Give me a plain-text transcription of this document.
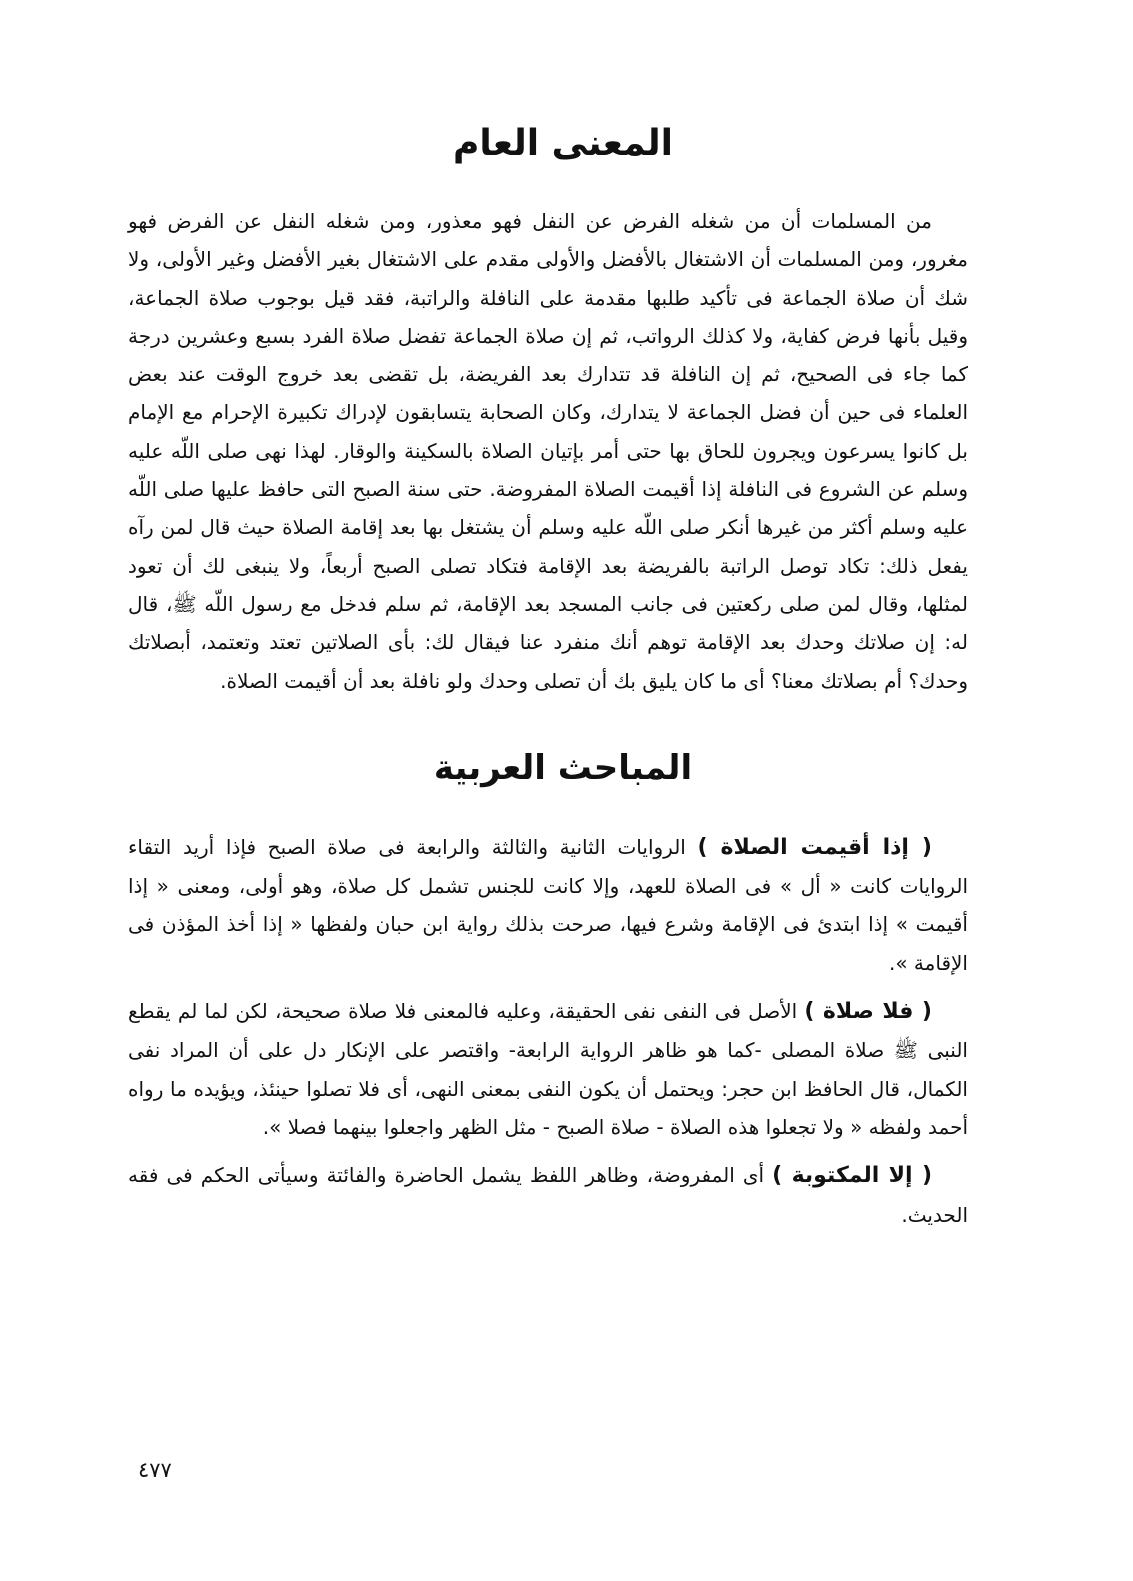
المعنى العام

من المسلمات أن من شغله الفرض عن النفل فهو معذور، ومن شغله النفل عن الفرض فهو مغرور، ومن المسلمات أن الاشتغال بالأفضل والأولى مقدم على الاشتغال بغير الأفضل وغير الأولى، ولا شك أن صلاة الجماعة فى تأكيد طلبها مقدمة على النافلة والراتبة، فقد قيل بوجوب صلاة الجماعة، وقيل بأنها فرض كفاية، ولا كذلك الرواتب، ثم إن صلاة الجماعة تفضل صلاة الفرد بسبع وعشرين درجة كما جاء فى الصحيح، ثم إن النافلة قد تتدارك بعد الفريضة، بل تقضى بعد خروج الوقت عند بعض العلماء فى حين أن فضل الجماعة لا يتدارك، وكان الصحابة يتسابقون لإدراك تكبيرة الإحرام مع الإمام بل كانوا يسرعون ويجرون للحاق بها حتى أمر بإتيان الصلاة بالسكينة والوقار. لهذا نهى صلى اللّه عليه وسلم عن الشروع فى النافلة إذا أقيمت الصلاة المفروضة. حتى سنة الصبح التى حافظ عليها صلى اللّه عليه وسلم أكثر من غيرها أنكر صلى اللّه عليه وسلم أن يشتغل بها بعد إقامة الصلاة حيث قال لمن رآه يفعل ذلك: تكاد توصل الراتبة بالفريضة بعد الإقامة فتكاد تصلى الصبح أربعاً، ولا ينبغى لك أن تعود لمثلها، وقال لمن صلى ركعتين فى جانب المسجد بعد الإقامة، ثم سلم فدخل مع رسول اللّه ﷺ، قال له: إن صلاتك وحدك بعد الإقامة توهم أنك منفرد عنا فيقال لك: بأى الصلاتين تعتد وتعتمد، أبصلاتك وحدك؟ أم بصلاتك معنا؟ أى ما كان يليق بك أن تصلى وحدك ولو نافلة بعد أن أقيمت الصلاة.

المباحث العربية

( إذا أقيمت الصلاة ) الروايات الثانية والثالثة والرابعة فى صلاة الصبح فإذا أريد التقاء الروايات كانت « أل » فى الصلاة للعهد، وإلا كانت للجنس تشمل كل صلاة، وهو أولى، ومعنى « إذا أقيمت » إذا ابتدئ فى الإقامة وشرع فيها، صرحت بذلك رواية ابن حبان ولفظها « إذا أخذ المؤذن فى الإقامة ».

( فلا صلاة ) الأصل فى النفى نفى الحقيقة، وعليه فالمعنى فلا صلاة صحيحة، لكن لما لم يقطع النبى ﷺ صلاة المصلى -كما هو ظاهر الرواية الرابعة- واقتصر على الإنكار دل على أن المراد نفى الكمال، قال الحافظ ابن حجر: ويحتمل أن يكون النفى بمعنى النهى، أى فلا تصلوا حينئذ، ويؤيده ما رواه أحمد ولفظه « ولا تجعلوا هذه الصلاة - صلاة الصبح - مثل الظهر واجعلوا بينهما فصلا ».

( إلا المكتوبة ) أى المفروضة، وظاهر اللفظ يشمل الحاضرة والفائتة وسيأتى الحكم فى فقه الحديث.

٤٧٧
